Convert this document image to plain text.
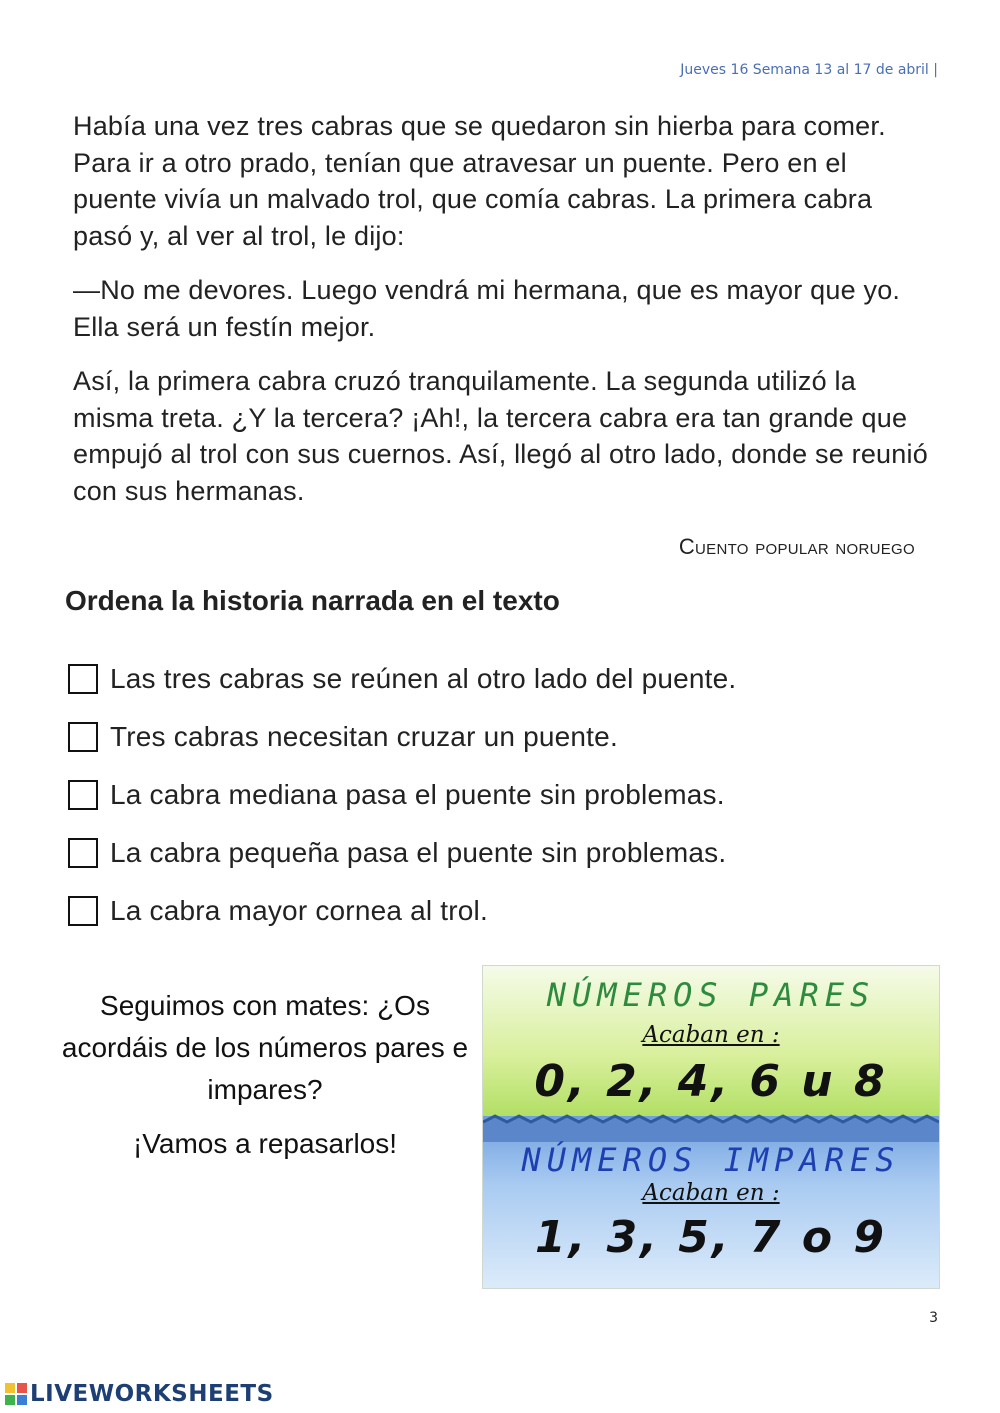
Jueves 16 Semana 13 al 17 de abril |

Había una vez tres cabras que se quedaron sin hierba para comer. Para ir a otro prado, tenían que atravesar un puente. Pero en el puente vivía un malvado trol, que comía cabras. La primera cabra pasó y, al ver al trol, le dijo:

—No me devores. Luego vendrá mi hermana, que es mayor que yo. Ella será un festín mejor.

Así, la primera cabra cruzó tranquilamente. La segunda utilizó la misma treta. ¿Y la tercera? ¡Ah!, la tercera cabra era tan grande que empujó al trol con sus cuernos. Así, llegó al otro lado, donde se reunió con sus hermanas.

Cuento popular noruego
Ordena la historia narrada en el texto
Las tres cabras se reúnen al otro lado del puente.
Tres cabras necesitan cruzar un puente.
La cabra mediana pasa el puente sin problemas.
La cabra pequeña pasa el puente sin problemas.
La cabra mayor cornea al trol.

Seguimos con mates: ¿Os acordáis de los números pares e impares?

¡Vamos a repasarlos!

NÚMEROS PARES
Acaban en :
0, 2, 4, 6 u 8
NÚMEROS IMPARES
Acaban en :
1, 3, 5, 7 o 9
3
LIVEWORKSHEETS
